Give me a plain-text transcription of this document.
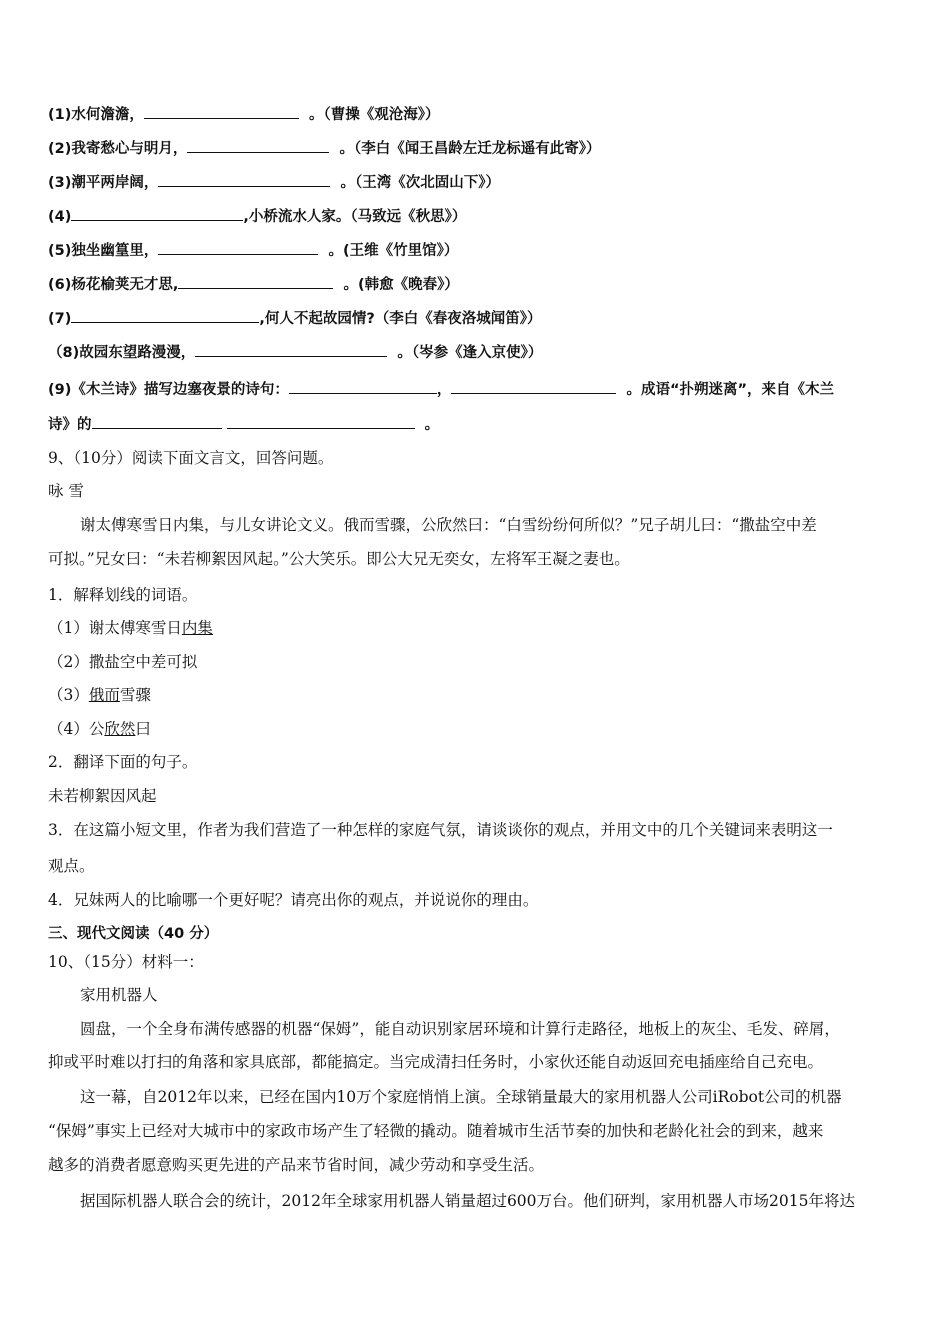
(1)水何澹澹，	。（曹操《观沧海》）
(2)我寄愁心与明月，	。（李白《闻王昌龄左迁龙标遥有此寄》）
(3)潮平两岸阔，	。（王湾《次北固山下》）
(4)	,小桥流水人家。（马致远《秋思》）
(5)独坐幽篁里，	。(王维《竹里馆》）
(6)杨花榆荚无才思,	。(韩愈《晚春》）
(7)	,何人不起故园情?（李白《春夜洛城闻笛》）
（8)故园东望路漫漫，	。（岑参《逢入京使》）
(9)《木兰诗》描写边塞夜景的诗句：	，	。成语“扑朔迷离”，来自《木兰
诗》的	。
9、（10分）阅读下面文言文，回答问题。
咏 雪
谢太傅寒雪日内集，与儿女讲论文义。俄而雪骤，公欣然曰：“白雪纷纷何所似？”兄子胡儿曰：“撒盐空中差
可拟。”兄女曰：“未若柳絮因风起。”公大笑乐。即公大兄无奕女，左将军王凝之妻也。
1．解释划线的词语。
（1）谢太傅寒雪日内集
（2）撒盐空中差可拟
（3）俄而雪骤
（4）公欣然曰
2．翻译下面的句子。
未若柳絮因风起
3．在这篇小短文里，作者为我们营造了一种怎样的家庭气氛，请谈谈你的观点，并用文中的几个关键词来表明这一
观点。
4．兄妹两人的比喻哪一个更好呢？请亮出你的观点，并说说你的理由。
三、现代文阅读（40 分）
10、（15分）材料一：
家用机器人
圆盘，一个全身布满传感器的机器“保姆”，能自动识别家居环境和计算行走路径，地板上的灰尘、毛发、碎屑，
抑或平时难以打扫的角落和家具底部，都能搞定。当完成清扫任务时，小家伙还能自动返回充电插座给自己充电。
这一幕，自2012年以来，已经在国内10万个家庭悄悄上演。全球销量最大的家用机器人公司iRobot公司的机器
“保姆”事实上已经对大城市中的家政市场产生了轻微的撬动。随着城市生活节奏的加快和老龄化社会的到来，越来
越多的消费者愿意购买更先进的产品来节省时间，减少劳动和享受生活。
据国际机器人联合会的统计，2012年全球家用机器人销量超过600万台。他们研判，家用机器人市场2015年将达
